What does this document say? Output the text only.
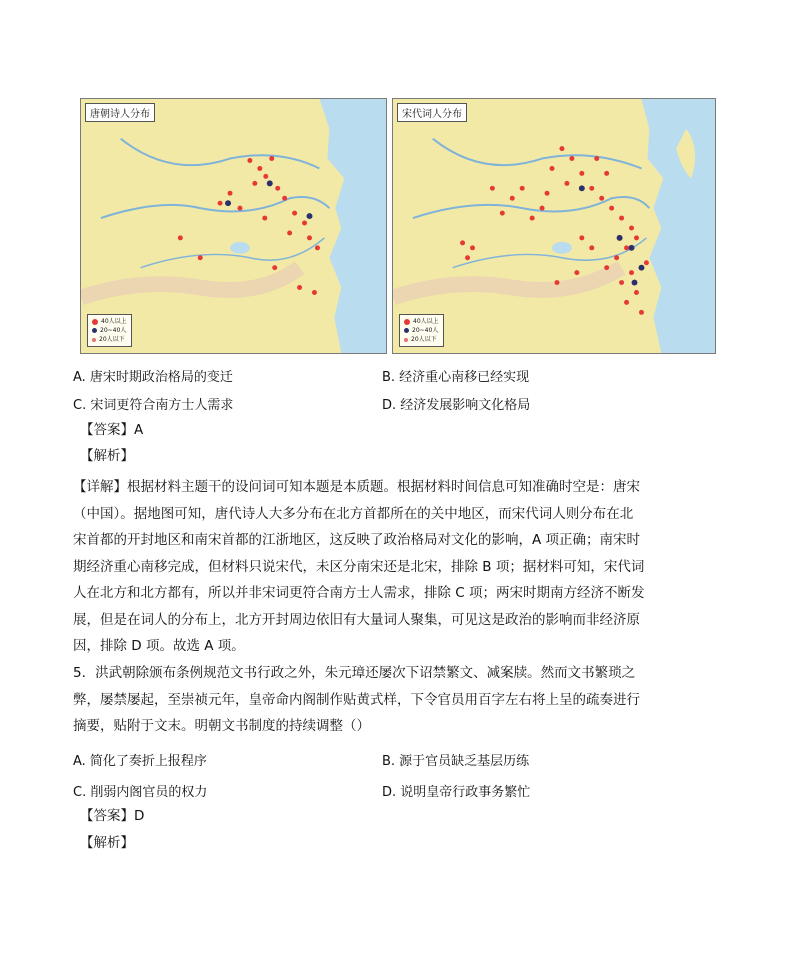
唐朝诗人分布
40人以上
20~40人
20人以下
宋代词人分布
40人以上
20~40人
20人以下
A. 唐宋时期政治格局的变迁	B. 经济重心南移已经实现
C. 宋词更符合南方士人需求	D. 经济发展影响文化格局
【答案】A
【解析】
【详解】根据材料主题干的设问词可知本题是本质题。根据材料时间信息可知准确时空是：唐宋
（中国）。据地图可知，唐代诗人大多分布在北方首都所在的关中地区，而宋代词人则分布在北
宋首都的开封地区和南宋首都的江浙地区，这反映了政治格局对文化的影响，A 项正确；南宋时
期经济重心南移完成，但材料只说宋代，未区分南宋还是北宋，排除 B 项；据材料可知，宋代词
人在北方和北方都有，所以并非宋词更符合南方士人需求，排除 C 项；两宋时期南方经济不断发
展，但是在词人的分布上，北方开封周边依旧有大量词人聚集，可见这是政治的影响而非经济原
因，排除 D 项。故选 A 项。
5．洪武朝除颁布条例规范文书行政之外，朱元璋还屡次下诏禁繁文、减案牍。然而文书繁琐之
弊，屡禁屡起，至崇祯元年，皇帝命内阁制作贴黄式样，下令官员用百字左右将上呈的疏奏进行
摘要，贴附于文末。明朝文书制度的持续调整（）
A. 简化了奏折上报程序	B. 源于官员缺乏基层历练
C. 削弱内阁官员的权力	D. 说明皇帝行政事务繁忙
【答案】D
【解析】
